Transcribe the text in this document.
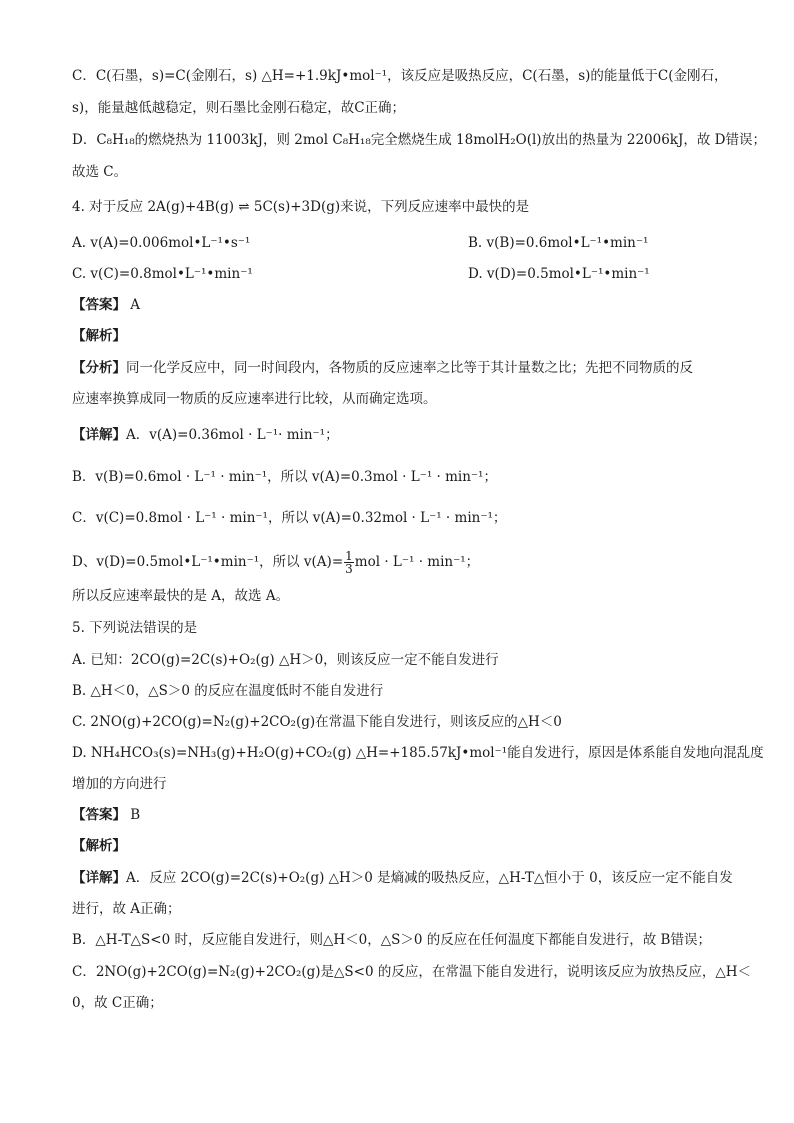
C．C(石墨，s)=C(金刚石，s) △H=+1.9kJ•mol⁻¹，该反应是吸热反应，C(石墨，s)的能量低于C(金刚石，
s)，能量越低越稳定，则石墨比金刚石稳定，故C正确；
D．C₈H₁₈的燃烧热为 11003kJ，则 2mol C₈H₁₈完全燃烧生成 18molH₂O(l)放出的热量为 22006kJ，故 D错误；
故选 C。
4. 对于反应 2A(g)+4B(g) ⇌ 5C(s)+3D(g)来说，下列反应速率中最快的是
A. v(A)=0.006mol•L⁻¹•s⁻¹	B. v(B)=0.6mol•L⁻¹•min⁻¹
C. v(C)=0.8mol•L⁻¹•min⁻¹	D. v(D)=0.5mol•L⁻¹•min⁻¹
【答案】 A
【解析】
【分析】同一化学反应中，同一时间段内，各物质的反应速率之比等于其计量数之比；先把不同物质的反
应速率换算成同一物质的反应速率进行比较，从而确定选项。
【详解】A．v(A)=0.36mol · L⁻¹· min⁻¹；
B．v(B)=0.6mol · L⁻¹ · min⁻¹，所以 v(A)=0.3mol · L⁻¹ · min⁻¹；
C．v(C)=0.8mol · L⁻¹ · min⁻¹，所以 v(A)=0.32mol · L⁻¹ · min⁻¹；
D、v(D)=0.5mol•L⁻¹•min⁻¹，所以 $v(A)= \frac{1}{3}$ mol · L⁻¹ · min⁻¹；
所以反应速率最快的是 A，故选 A。
5. 下列说法错误的是
A. 已知：2CO(g)=2C(s)+O₂(g) △H＞0，则该反应一定不能自发进行
B. △H＜0，△S＞0 的反应在温度低时不能自发进行
C. 2NO(g)+2CO(g)=N₂(g)+2CO₂(g)在常温下能自发进行，则该反应的△H＜0
D. NH₄HCO₃(s)=NH₃(g)+H₂O(g)+CO₂(g) △H=+185.57kJ•mol⁻¹能自发进行，原因是体系能自发地向混乱度
增加的方向进行
【答案】 B
【解析】
【详解】A．反应 2CO(g)=2C(s)+O₂(g) △H＞0 是熵减的吸热反应，△H-T△恒小于 0，该反应一定不能自发
进行，故 A正确；
B．△H-T△S<0 时，反应能自发进行，则△H＜0，△S＞0 的反应在任何温度下都能自发进行，故 B错误；
C．2NO(g)+2CO(g)=N₂(g)+2CO₂(g)是△S<0 的反应，在常温下能自发进行，说明该反应为放热反应，△H＜
0，故 C正确；
